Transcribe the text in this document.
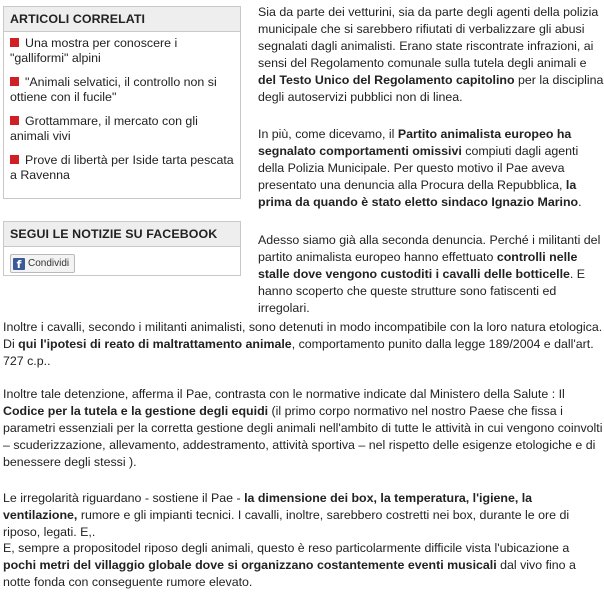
ARTICOLI CORRELATI
Una mostra per conoscere i "galliformi" alpini
"Animali selvatici, il controllo non si ottiene con il fucile"
Grottammare, il mercato con gli animali vivi
Prove di libertà per Iside tarta pescata a Ravenna
SEGUI LE NOTIZIE SU FACEBOOK
f Condividi

Sia da parte dei vetturini, sia da parte degli agenti della polizia municipale che si sarebbero rifiutati di verbalizzare gli abusi segnalati dagli animalisti. Erano state riscontrate infrazioni, ai sensi del Regolamento comunale sulla tutela degli animali e del Testo Unico del Regolamento capitolino per la disciplina degli autoservizi pubblici non di linea.

In più, come dicevamo, il Partito animalista europeo ha segnalato comportamenti omissivi compiuti dagli agenti della Polizia Municipale. Per questo motivo il Pae aveva presentato una denuncia alla Procura della Repubblica, la prima da quando è stato eletto sindaco Ignazio Marino.

Adesso siamo già alla seconda denuncia. Perché i militanti del partito animalista europeo hanno effettuato controlli nelle stalle dove vengono custoditi i cavalli delle botticelle. E hanno scoperto che queste strutture sono fatiscenti ed irregolari.

Inoltre i cavalli, secondo i militanti animalisti, sono detenuti in modo incompatibile con la loro natura etologica. Di qui l'ipotesi di reato di maltrattamento animale, comportamento punito dalla legge 189/2004 e dall'art. 727 c.p..

Inoltre tale detenzione, afferma il Pae, contrasta con le normative indicate dal Ministero della Salute : Il Codice per la tutela e la gestione degli equidi (il primo corpo normativo nel nostro Paese che fissa i parametri essenziali per la corretta gestione degli animali nell'ambito di tutte le attività in cui vengono coinvolti – scuderizzazione, allevamento, addestramento, attività sportiva – nel rispetto delle esigenze etologiche e di benessere degli stessi ).

Le irregolarità riguardano - sostiene il Pae - la dimensione dei box, la temperatura, l'igiene, la ventilazione, rumore e gli impianti tecnici. I cavalli, inoltre, sarebbero costretti nei box, durante le ore di riposo, legati. E,.

E, sempre a propositodel riposo degli animali, questo è reso particolarmente difficile vista l'ubicazione a pochi metri del villaggio globale dove si organizzano costantemente eventi musicali dal vivo fino a notte fonda con conseguente rumore elevato.
